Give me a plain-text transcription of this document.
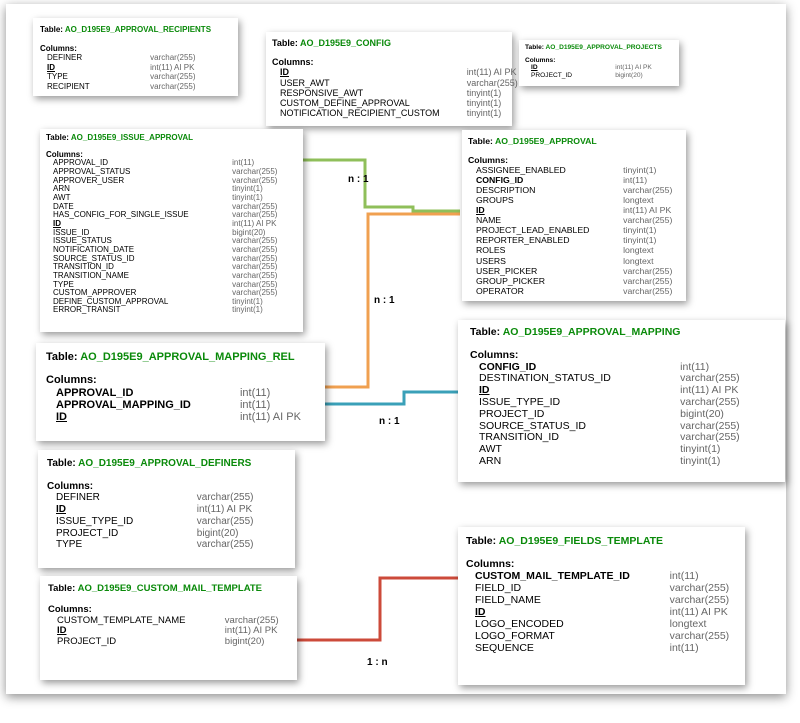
n : 1
n : 1
n : 1
1 : n
Table: AO_D195E9_APPROVAL_RECIPIENTS
Columns:
DEFINER	varchar(255)
ID	int(11) AI PK
TYPE	varchar(255)
RECIPIENT	varchar(255)
Table: AO_D195E9_CONFIG
Columns:
ID	int(11) AI PK
USER_AWT	varchar(255)
RESPONSIVE_AWT	tinyint(1)
CUSTOM_DEFINE_APPROVAL	tinyint(1)
NOTIFICATION_RECIPIENT_CUSTOM	tinyint(1)
Table: AO_D195E9_APPROVAL_PROJECTS
Columns:
ID	int(11) AI PK
PROJECT_ID	bigint(20)
Table: AO_D195E9_ISSUE_APPROVAL
Columns:
APPROVAL_ID	int(11)
APPROVAL_STATUS	varchar(255)
APPROVER_USER	varchar(255)
ARN	tinyint(1)
AWT	tinyint(1)
DATE	varchar(255)
HAS_CONFIG_FOR_SINGLE_ISSUE	varchar(255)
ID	int(11) AI PK
ISSUE_ID	bigint(20)
ISSUE_STATUS	varchar(255)
NOTIFICATION_DATE	varchar(255)
SOURCE_STATUS_ID	varchar(255)
TRANSITION_ID	varchar(255)
TRANSITION_NAME	varchar(255)
TYPE	varchar(255)
CUSTOM_APPROVER	varchar(255)
DEFINE_CUSTOM_APPROVAL	tinyint(1)
ERROR_TRANSIT	tinyint(1)
Table: AO_D195E9_APPROVAL
Columns:
ASSIGNEE_ENABLED	tinyint(1)
CONFIG_ID	int(11)
DESCRIPTION	varchar(255)
GROUPS	longtext
ID	int(11) AI PK
NAME	varchar(255)
PROJECT_LEAD_ENABLED	tinyint(1)
REPORTER_ENABLED	tinyint(1)
ROLES	longtext
USERS	longtext
USER_PICKER	varchar(255)
GROUP_PICKER	varchar(255)
OPERATOR	varchar(255)
Table: AO_D195E9_APPROVAL_MAPPING_REL
Columns:
APPROVAL_ID	int(11)
APPROVAL_MAPPING_ID	int(11)
ID	int(11) AI PK
Table: AO_D195E9_APPROVAL_MAPPING
Columns:
CONFIG_ID	int(11)
DESTINATION_STATUS_ID	varchar(255)
ID	int(11) AI PK
ISSUE_TYPE_ID	varchar(255)
PROJECT_ID	bigint(20)
SOURCE_STATUS_ID	varchar(255)
TRANSITION_ID	varchar(255)
AWT	tinyint(1)
ARN	tinyint(1)
Table: AO_D195E9_APPROVAL_DEFINERS
Columns:
DEFINER	varchar(255)
ID	int(11) AI PK
ISSUE_TYPE_ID	varchar(255)
PROJECT_ID	bigint(20)
TYPE	varchar(255)
Table: AO_D195E9_CUSTOM_MAIL_TEMPLATE
Columns:
CUSTOM_TEMPLATE_NAME	varchar(255)
ID	int(11) AI PK
PROJECT_ID	bigint(20)
Table: AO_D195E9_FIELDS_TEMPLATE
Columns:
CUSTOM_MAIL_TEMPLATE_ID	int(11)
FIELD_ID	varchar(255)
FIELD_NAME	varchar(255)
ID	int(11) AI PK
LOGO_ENCODED	longtext
LOGO_FORMAT	varchar(255)
SEQUENCE	int(11)
